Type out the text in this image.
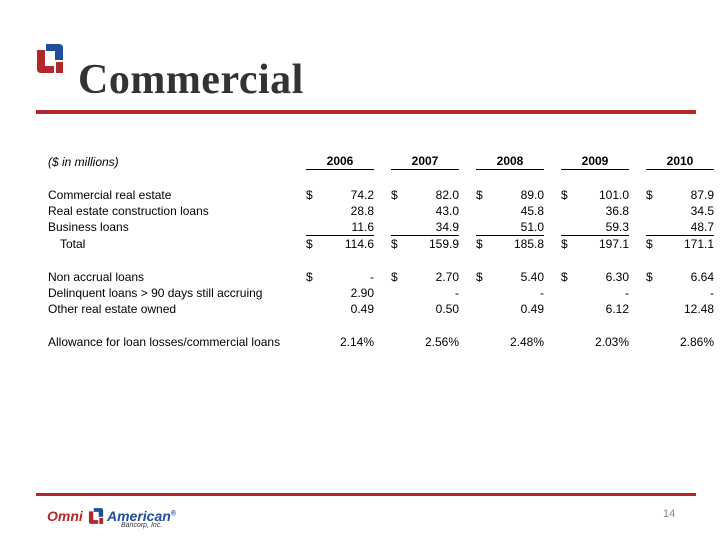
Commercial
($ in millions)	2006			2007			2008			2009			2010	

Commercial real estate	$	74.2		$	82.0		$	89.0		$	101.0		$	87.9
Real estate construction loans		28.8			43.0			45.8			36.8			34.5
Business loans		11.6			34.9			51.0			59.3			48.7
Total	$	114.6		$	159.9		$	185.8		$	197.1		$	171.1

Non accrual loans	$	-		$	2.70		$	5.40		$	6.30		$	6.64
Delinquent loans > 90 days still accruing		2.90			-			-			-			-
Other real estate owned		0.49			0.50			0.49			6.12			12.48

Allowance for loan losses/commercial loans		2.14%			2.56%			2.48%			2.03%			2.86%
Omni American®
Bancorp, Inc.
14
